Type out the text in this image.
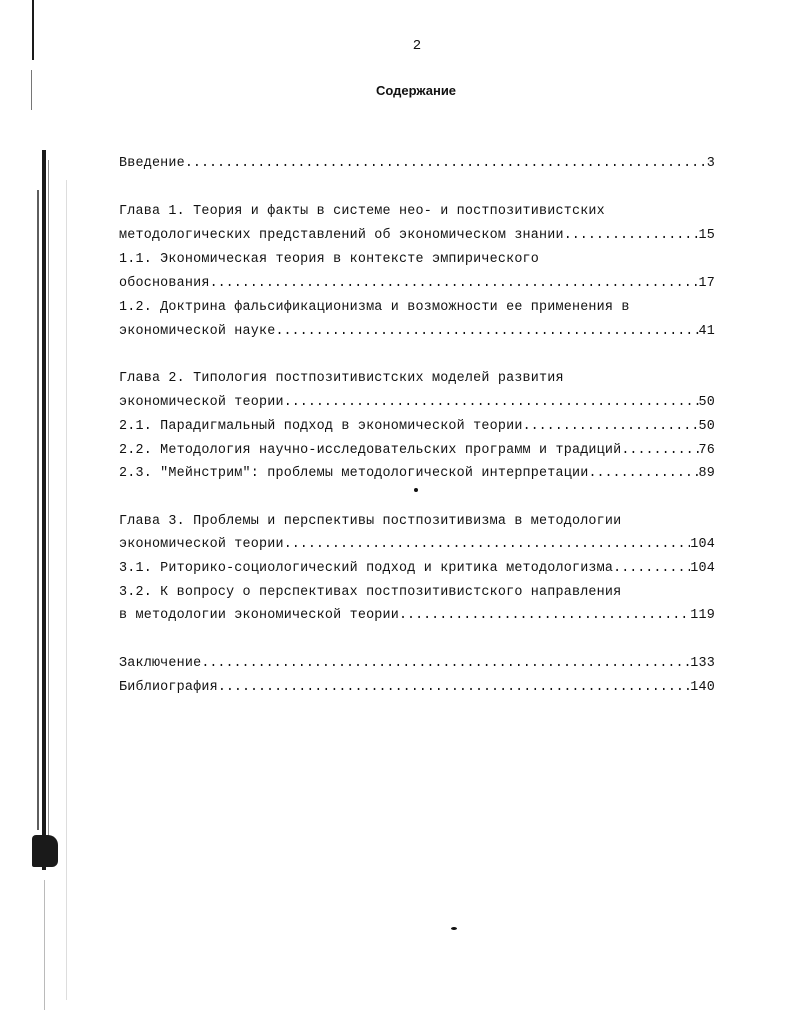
2
Содержание
Введение .....	3
Глава 1. Теория и факты в системе нео- и постпозитивистских
методологических представлений об экономическом знании .....	15
1.1. Экономическая теория в контексте эмпирического
обоснования .....	17
1.2. Доктрина фальсификационизма и возможности ее применения в
экономической науке .....	41
Глава 2. Типология постпозитивистских моделей развития
экономической теории .....	50
2.1. Парадигмальный подход в экономической теории .....	50
2.2. Методология научно-исследовательских программ и традиций .....	76
2.3. "Мейнстрим": проблемы методологической интерпретации .....	89
Глава 3. Проблемы и перспективы постпозитивизма в методологии
экономической теории .....	104
3.1. Риторико-социологический подход и критика методологизма .....	104
3.2. К вопросу о перспективах постпозитивистского направления
в методологии экономической теории .....	119
Заключение .....	133
Библиография .....	140
